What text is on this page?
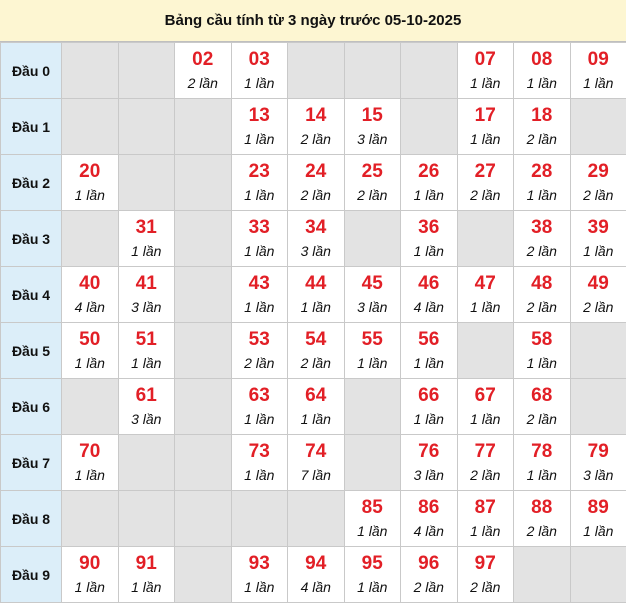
Bảng cầu tính từ 3 ngày trước 05-10-2025
Đầu 0			02
2 lần	03
1 lần				07
1 lần	08
1 lần	09
1 lần

Đầu 1				13
1 lần	14
2 lần	15
3 lần		17
1 lần	18
2 lần	

Đầu 2	20
1 lần			23
1 lần	24
2 lần	25
2 lần	26
1 lần	27
2 lần	28
1 lần	29
2 lần

Đầu 3		31
1 lần		33
1 lần	34
3 lần		36
1 lần		38
2 lần	39
1 lần

Đầu 4	40
4 lần	41
3 lần		43
1 lần	44
1 lần	45
3 lần	46
4 lần	47
1 lần	48
2 lần	49
2 lần

Đầu 5	50
1 lần	51
1 lần		53
2 lần	54
2 lần	55
1 lần	56
1 lần		58
1 lần	

Đầu 6		61
3 lần		63
1 lần	64
1 lần		66
1 lần	67
1 lần	68
2 lần	

Đầu 7	70
1 lần			73
1 lần	74
7 lần		76
3 lần	77
2 lần	78
1 lần	79
3 lần

Đầu 8						85
1 lần	86
4 lần	87
1 lần	88
2 lần	89
1 lần

Đầu 9	90
1 lần	91
1 lần		93
1 lần	94
4 lần	95
1 lần	96
2 lần	97
2 lần		
